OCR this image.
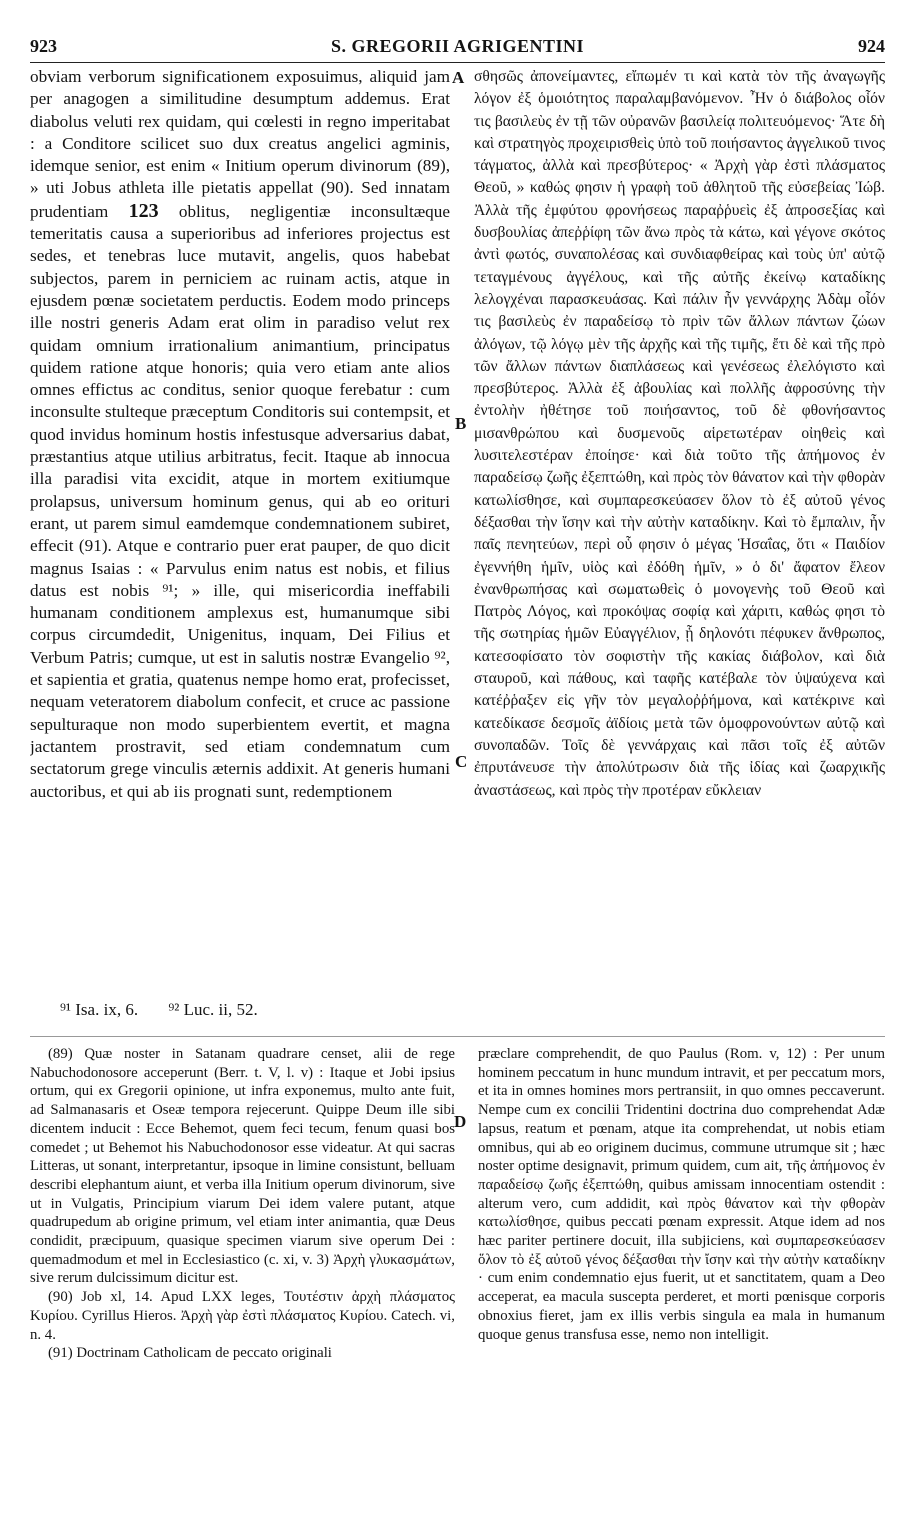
923	S. GREGORII AGRIGENTINI	924

obviam verborum significationem exposuimus, aliquid jam per anagogen a similitudine desumptum addemus. Erat diabolus veluti rex quidam, qui cœlesti in regno imperitabat : a Conditore scilicet suo dux creatus angelici agminis, idemque senior, est enim « Initium operum divinorum (89), » uti Jobus athleta ille pietatis appellat (90). Sed innatam prudentiam 123 oblitus, negligentiæ inconsultæque temeritatis causa a superioribus ad inferiores projectus est sedes, et tenebras luce mutavit, angelis, quos habebat subjectos, parem in perniciem ac ruinam actis, atque in ejusdem pœnæ societatem perductis. Eodem modo princeps ille nostri generis Adam erat olim in paradiso velut rex quidam omnium irrationalium animantium, principatus quidem ratione atque honoris; quia vero etiam ante alios omnes effictus ac conditus, senior quoque ferebatur : cum inconsulte stulteque præceptum Conditoris sui contempsit, et quod invidus hominum hostis infestusque adversarius dabat, præstantius atque utilius arbitratus, fecit. Itaque ab innocua illa paradisi vita excidit, atque in mortem exitiumque prolapsus, universum hominum genus, qui ab eo orituri erant, ut parem simul eamdemque condemnationem subiret, effecit (91). Atque e contrario puer erat pauper, de quo dicit magnus Isaias : « Parvulus enim natus est nobis, et filius datus est nobis ⁹¹; » ille, qui misericordia ineffabili humanam conditionem amplexus est, humanumque sibi corpus circumdedit, Unigenitus, inquam, Dei Filius et Verbum Patris; cumque, ut est in salutis nostræ Evangelio ⁹², et sapientia et gratia, quatenus nempe homo erat, profecisset, nequam veteratorem diabolum confecit, et cruce ac passione sepulturaque non modo superbientem evertit, et magna jactantem prostravit, sed etiam condemnatum cum sectatorum grege vinculis æternis addixit. At generis humani auctoribus, et qui ab iis prognati sunt, redemptionem

A
B
C
D

σθησῶς ἀπονείμαντες, εἴπωμέν τι καὶ κατὰ τὸν τῆς ἀναγωγῆς λόγον ἐξ ὁμοιότητος παραλαμβανόμενον. Ἦν ὁ διάβολος οἷόν τις βασιλεὺς ἐν τῇ τῶν οὐρανῶν βασιλείᾳ πολιτευόμενος· Ἅτε δὴ καὶ στρατηγὸς προχειρισθεὶς ὑπὸ τοῦ ποιήσαντος ἀγγελικοῦ τινος τάγματος, ἀλλὰ καὶ πρεσβύτερος· « Ἀρχὴ γὰρ ἐστὶ πλάσματος Θεοῦ, » καθώς φησιν ἡ γραφὴ τοῦ ἀθλητοῦ τῆς εὐσεβείας Ἰώβ. Ἀλλὰ τῆς ἐμφύτου φρονήσεως παραῤῥυεὶς ἐξ ἀπροσεξίας καὶ δυσβουλίας ἀπεῤῥίφη τῶν ἄνω πρὸς τὰ κάτω, καὶ γέγονε σκότος ἀντὶ φωτός, συναπολέσας καὶ συνδιαφθείρας καὶ τοὺς ὑπ' αὐτῷ τεταγμένους ἀγγέλους, καὶ τῆς αὐτῆς ἐκείνῳ καταδίκης λελογχέναι παρασκευάσας. Καὶ πάλιν ἦν γεννάρχης Ἀδὰμ οἷόν τις βασιλεὺς ἐν παραδείσῳ τὸ πρὶν τῶν ἄλλων πάντων ζώων ἀλόγων, τῷ λόγῳ μὲν τῆς ἀρχῆς καὶ τῆς τιμῆς, ἔτι δὲ καὶ τῆς πρὸ τῶν ἄλλων πάντων διαπλάσεως καὶ γενέσεως ἐλελόγιστο καὶ πρεσβύτερος. Ἀλλὰ ἐξ ἀβουλίας καὶ πολλῆς ἀφροσύνης τὴν ἐντολὴν ἠθέτησε τοῦ ποιήσαντος, τοῦ δὲ φθονήσαντος μισανθρώπου καὶ δυσμενοῦς αἱρετωτέραν οἰηθεὶς καὶ λυσιτελεστέραν ἐποίησε· καὶ διὰ τοῦτο τῆς ἀπήμονος ἐν παραδείσῳ ζωῆς ἐξεπτώθη, καὶ πρὸς τὸν θάνατον καὶ τὴν φθορὰν κατωλίσθησε, καὶ συμπαρεσκεύασεν ὅλον τὸ ἐξ αὐτοῦ γένος δέξασθαι τὴν ἴσην καὶ τὴν αὐτὴν καταδίκην. Καὶ τὸ ἔμπαλιν, ἦν παῖς πενητεύων, περὶ οὗ φησιν ὁ μέγας Ἡσαΐας, ὅτι « Παιδίον ἐγεννήθη ἡμῖν, υἱὸς καὶ ἐδόθη ἡμῖν, » ὁ δι' ἄφατον ἔλεον ἐνανθρωπήσας καὶ σωματωθεὶς ὁ μονογενὴς τοῦ Θεοῦ καὶ Πατρὸς Λόγος, καὶ προκόψας σοφίᾳ καὶ χάριτι, καθώς φησι τὸ τῆς σωτηρίας ἡμῶν Εὐαγγέλιον, ᾗ δηλονότι πέφυκεν ἄνθρωπος, κατεσοφίσατο τὸν σοφιστὴν τῆς κακίας διάβολον, καὶ διὰ σταυροῦ, καὶ πάθους, καὶ ταφῆς κατέβαλε τὸν ὑψαύχενα καὶ κατέῤῥαξεν εἰς γῆν τὸν μεγαλοῤῥήμονα, καὶ κατέκρινε καὶ κατεδίκασε δεσμοῖς ἀϊδίοις μετὰ τῶν ὁμοφρονούντων αὐτῷ καὶ συνοπαδῶν. Τοῖς δὲ γεννάρχαις καὶ πᾶσι τοῖς ἐξ αὐτῶν ἐπρυτάνευσε τὴν ἀπολύτρωσιν διὰ τῆς ἰδίας καὶ ζωαρχικῆς ἀναστάσεως, καὶ πρὸς τὴν προτέραν εὔκλειαν

⁹¹ Isa. ix, 6. ⁹² Luc. ii, 52.

(89) Quæ noster in Satanam quadrare censet, alii de rege Nabuchodonosore acceperunt (Berr. t. V, l. v) : Itaque et Jobi ipsius ortum, qui ex Gregorii opinione, ut infra exponemus, multo ante fuit, ad Salmanasaris et Oseæ tempora rejecerunt. Quippe Deum ille sibi dicentem inducit : Ecce Behemot, quem feci tecum, fenum quasi bos comedet ; ut Behemot his Nabuchodonosor esse videatur. At qui sacras Litteras, ut sonant, interpretantur, ipsoque in limine consistunt, belluam describi elephantum aiunt, et verba illa Initium operum divinorum, sive ut in Vulgatis, Principium viarum Dei idem valere putant, atque quadrupedum ab origine primum, vel etiam inter animantia, quæ Deus condidit, præcipuum, quasique specimen viarum sive operum Dei : quemadmodum et mel in Ecclesiastico (c. xi, v. 3) Ἀρχὴ γλυκασμάτων, sive rerum dulcissimum dicitur est.

(90) Job xl, 14. Apud LXX leges, Τουτέστιν ἀρχὴ πλάσματος Κυρίου. Cyrillus Hieros. Ἀρχὴ γὰρ ἐστὶ πλάσματος Κυρίου. Catech. vi, n. 4.

(91) Doctrinam Catholicam de peccato originali

præclare comprehendit, de quo Paulus (Rom. v, 12) : Per unum hominem peccatum in hunc mundum intravit, et per peccatum mors, et ita in omnes homines mors pertransiit, in quo omnes peccaverunt. Nempe cum ex concilii Tridentini doctrina duo comprehendat Adæ lapsus, reatum et pœnam, atque ita comprehendat, ut nobis etiam omnibus, qui ab eo originem ducimus, commune utrumque sit ; hæc noster optime designavit, primum quidem, cum ait, τῆς ἀπήμονος ἐν παραδείσῳ ζωῆς ἐξεπτώθη, quibus amissam innocentiam ostendit : alterum vero, cum addidit, καὶ πρὸς θάνατον καὶ τὴν φθορὰν κατωλίσθησε, quibus peccati pœnam expressit. Atque idem ad nos hæc pariter pertinere docuit, illa subjiciens, καὶ συμπαρεσκεύασεν ὅλον τὸ ἐξ αὐτοῦ γένος δέξασθαι τὴν ἴσην καὶ τὴν αὐτὴν καταδίκην · cum enim condemnatio ejus fuerit, ut et sanctitatem, quam a Deo acceperat, ea macula suscepta perderet, et morti pœnisque corporis obnoxius fieret, jam ex illis verbis singula ea mala in humanum quoque genus transfusa esse, nemo non intelligit.
